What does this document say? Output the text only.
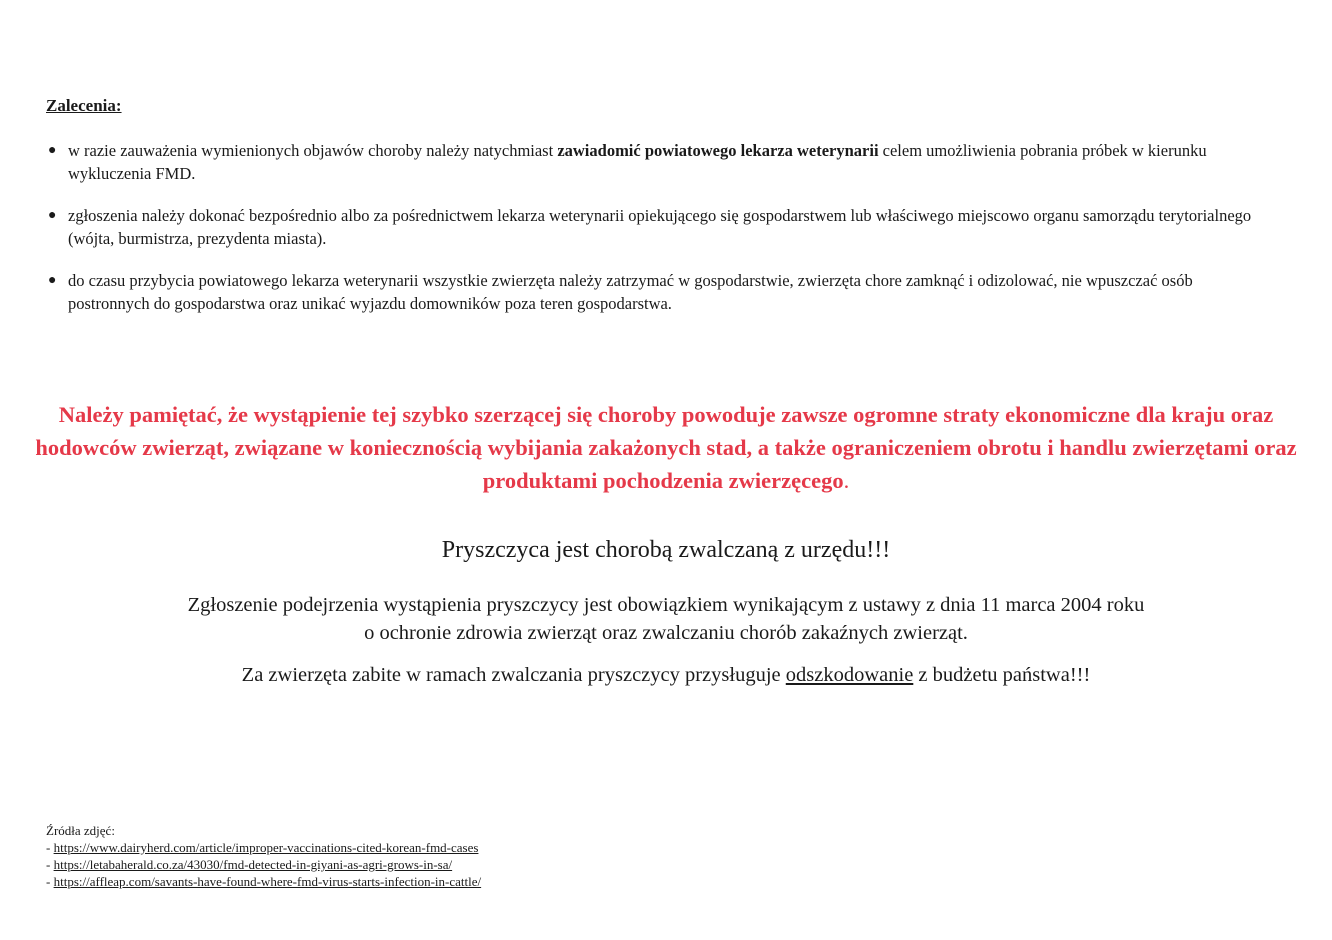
Zalecenia:
● w razie zauważenia wymienionych objawów choroby należy natychmiast zawiadomić powiatowego lekarza weterynarii celem umożliwienia pobrania próbek w kierunku wykluczenia FMD.
● zgłoszenia należy dokonać bezpośrednio albo za pośrednictwem lekarza weterynarii opiekującego się gospodarstwem lub właściwego miejscowo organu samorządu terytorialnego (wójta, burmistrza, prezydenta miasta).
● do czasu przybycia powiatowego lekarza weterynarii wszystkie zwierzęta należy zatrzymać w gospodarstwie, zwierzęta chore zamknąć i odizolować, nie wpuszczać osób postronnych do gospodarstwa oraz unikać wyjazdu domowników poza teren gospodarstwa.

Należy pamiętać, że wystąpienie tej szybko szerzącej się choroby powoduje zawsze ogromne straty ekonomiczne dla kraju oraz hodowców zwierząt, związane w koniecznością wybijania zakażonych stad, a także ograniczeniem obrotu i handlu zwierzętami oraz produktami pochodzenia zwierzęcego.

Pryszczyca jest chorobą zwalczaną z urzędu!!!

Zgłoszenie podejrzenia wystąpienia pryszczycy jest obowiązkiem wynikającym z ustawy z dnia 11 marca 2004 roku
o ochronie zdrowia zwierząt oraz zwalczaniu chorób zakaźnych zwierząt.

Za zwierzęta zabite w ramach zwalczania pryszczycy przysługuje odszkodowanie z budżetu państwa!!!

Źródła zdjęć:
- https://www.dairyherd.com/article/improper-vaccinations-cited-korean-fmd-cases
- https://letabaherald.co.za/43030/fmd-detected-in-giyani-as-agri-grows-in-sa/
- https://affleap.com/savants-have-found-where-fmd-virus-starts-infection-in-cattle/
